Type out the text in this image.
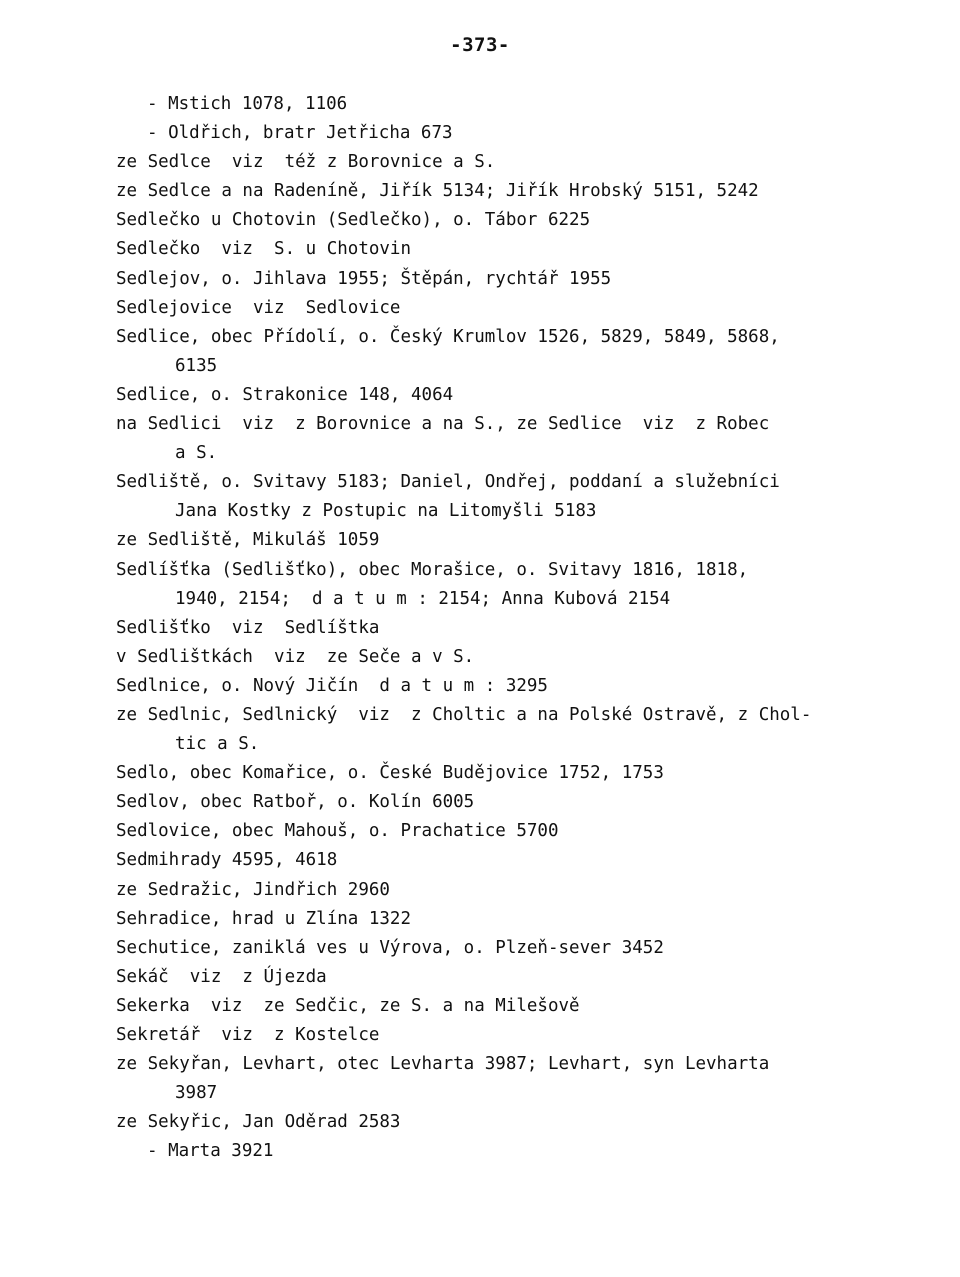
-373-
- Mstich 1078, 1106
- Oldřich, bratr Jetřicha 673
ze Sedlce  viz  též z Borovnice a S.
ze Sedlce a na Radeníně, Jiřík 5134; Jiřík Hrobský 5151, 5242
Sedlečko u Chotovin (Sedlečko), o. Tábor 6225
Sedlečko  viz  S. u Chotovin
Sedlejov, o. Jihlava 1955; Štěpán, rychtář 1955
Sedlejovice  viz  Sedlovice
Sedlice, obec Přídolí, o. Český Krumlov 1526, 5829, 5849, 5868,
6135
Sedlice, o. Strakonice 148, 4064
na Sedlici  viz  z Borovnice a na S., ze Sedlice  viz  z Robec
a S.
Sedliště, o. Svitavy 5183; Daniel, Ondřej, poddaní a služebníci
Jana Kostky z Postupic na Litomyšli 5183
ze Sedliště, Mikuláš 1059
Sedlíšťka (Sedlišťko), obec Morašice, o. Svitavy 1816, 1818,
1940, 2154;  d a t u m : 2154; Anna Kubová 2154
Sedlišťko  viz  Sedlíštka
v Sedlištkách  viz  ze Seče a v S.
Sedlnice, o. Nový Jičín  d a t u m : 3295
ze Sedlnic, Sedlnický  viz  z Choltic a na Polské Ostravě, z Chol-
tic a S.
Sedlo, obec Komařice, o. České Budějovice 1752, 1753
Sedlov, obec Ratboř, o. Kolín 6005
Sedlovice, obec Mahouš, o. Prachatice 5700
Sedmihrady 4595, 4618
ze Sedražic, Jindřich 2960
Sehradice, hrad u Zlína 1322
Sechutice, zaniklá ves u Výrova, o. Plzeň-sever 3452
Sekáč  viz  z Újezda
Sekerka  viz  ze Sedčic, ze S. a na Milešově
Sekretář  viz  z Kostelce
ze Sekyřan, Levhart, otec Levharta 3987; Levhart, syn Levharta
3987
ze Sekyřic, Jan Oděrad 2583
- Marta 3921
